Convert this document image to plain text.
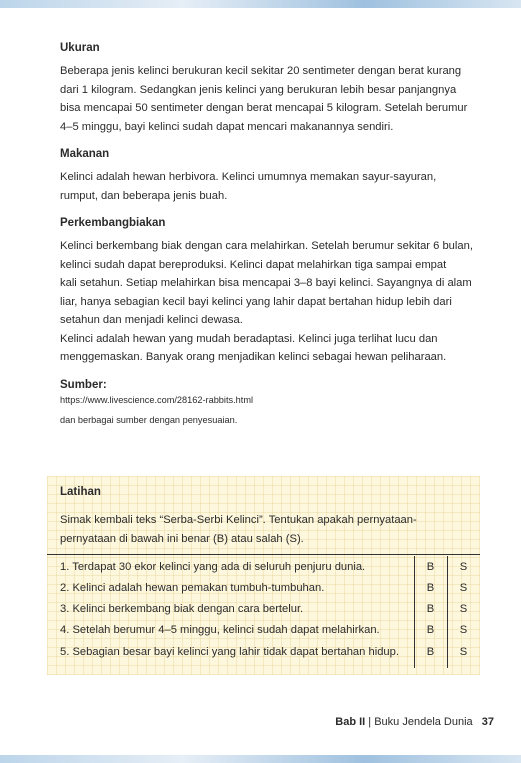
Ukuran

Beberapa jenis kelinci berukuran kecil sekitar 20 sentimeter dengan berat kurang
dari 1 kilogram. Sedangkan jenis kelinci yang berukuran lebih besar panjangnya
bisa mencapai 50 sentimeter dengan berat mencapai 5 kilogram. Setelah berumur
4–5 minggu, bayi kelinci sudah dapat mencari makanannya sendiri.

Makanan

Kelinci adalah hewan herbivora. Kelinci umumnya memakan sayur-sayuran,
rumput, dan beberapa jenis buah.

Perkembangbiakan

Kelinci berkembang biak dengan cara melahirkan. Setelah berumur sekitar 6 bulan,
kelinci sudah dapat bereproduksi. Kelinci dapat melahirkan tiga sampai empat
kali setahun. Setiap melahirkan bisa mencapai 3–8 bayi kelinci. Sayangnya di alam
liar, hanya sebagian kecil bayi kelinci yang lahir dapat bertahan hidup lebih dari
setahun dan menjadi kelinci dewasa.
Kelinci adalah hewan yang mudah beradaptasi. Kelinci juga terlihat lucu dan
menggemaskan. Banyak orang menjadikan kelinci sebagai hewan peliharaan.

Sumber:

https://www.livescience.com/28162-rabbits.html
dan berbagai sumber dengan penyesuaian.
Latihan
Simak kembali teks “Serba-Serbi Kelinci”. Tentukan apakah pernyataan-
pernyataan di bawah ini benar (B) atau salah (S).
1. Terdapat 30 ekor kelinci yang ada di seluruh penjuru dunia.	B	S
2. Kelinci adalah hewan pemakan tumbuh-tumbuhan.	B	S
3. Kelinci berkembang biak dengan cara bertelur.	B	S
4. Setelah berumur 4–5 minggu, kelinci sudah dapat melahirkan.	B	S
5. Sebagian besar bayi kelinci yang lahir tidak dapat bertahan hidup.	B	S
Bab II | Buku Jendela Dunia 37
